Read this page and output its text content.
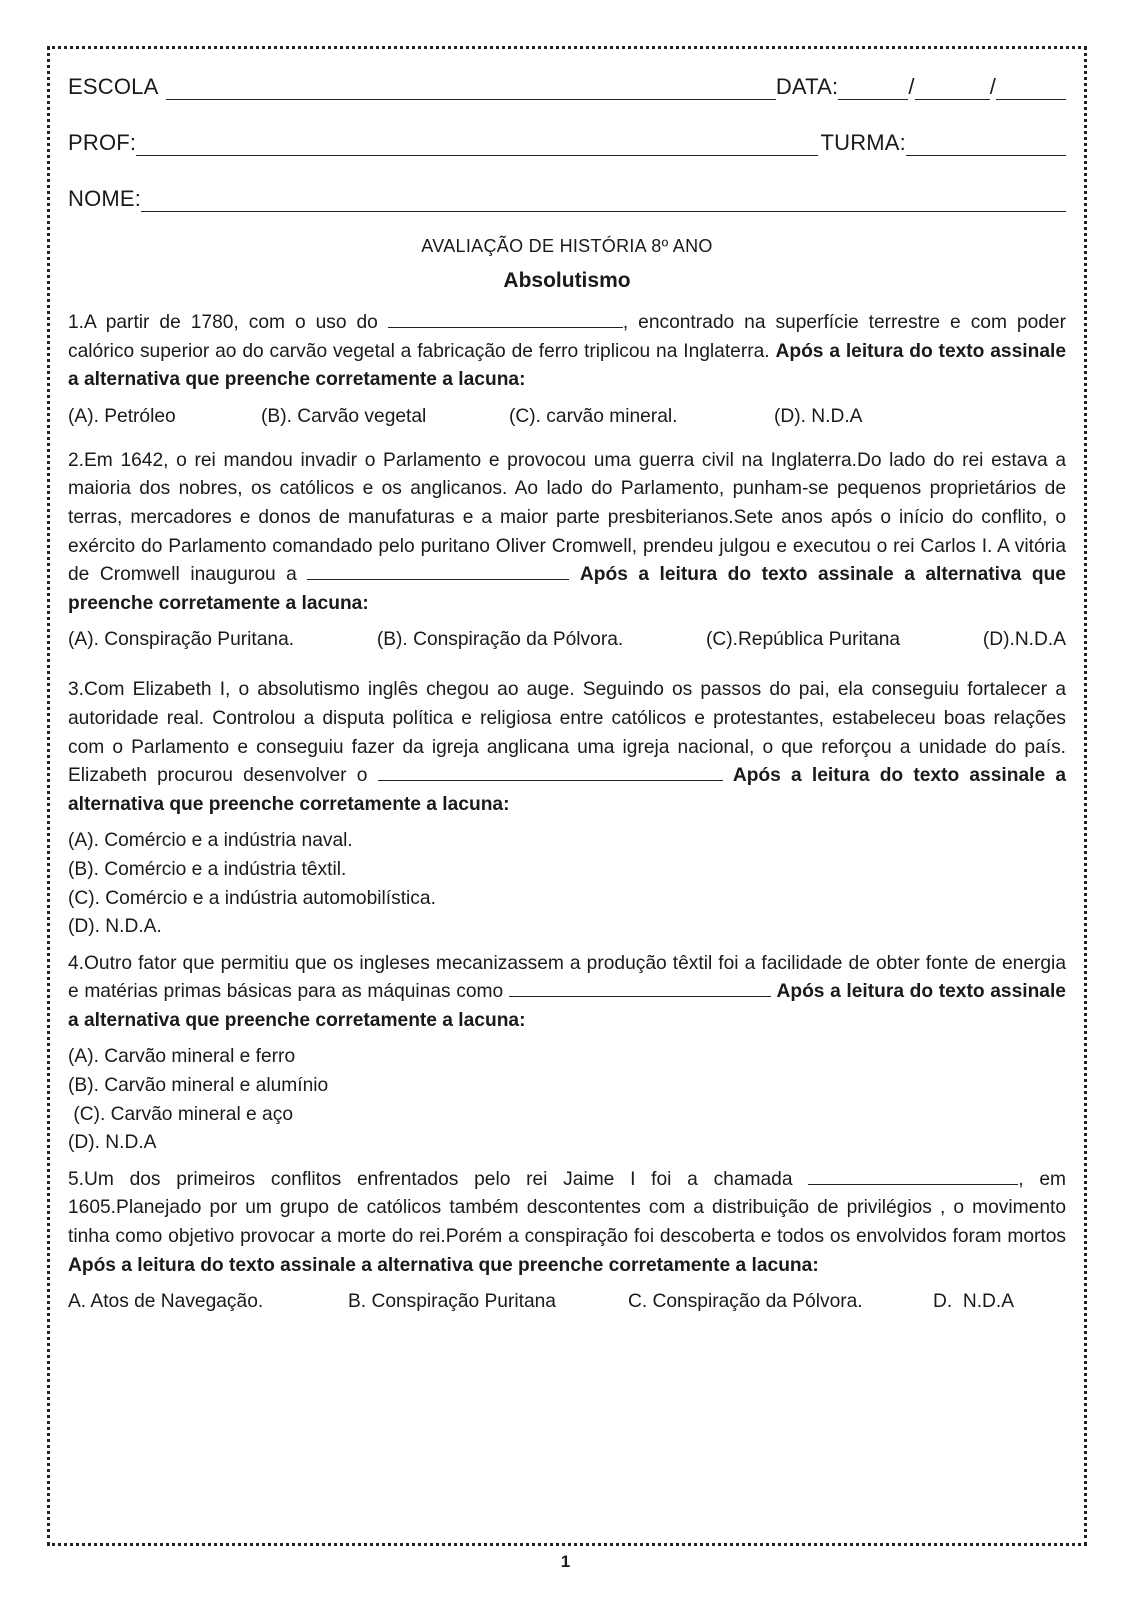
ESCOLA	DATA:	/	/
PROF:	TURMA:
NOME:
AVALIAÇÃO DE HISTÓRIA 8º ANO
Absolutismo

1.A partir de 1780, com o uso do	, encontrado na superfície terrestre e com poder calórico superior ao do carvão vegetal a fabricação de ferro triplicou na Inglaterra. Após a leitura do texto assinale a alternativa que preenche corretamente a lacuna:

(A). Petróleo	(B). Carvão vegetal	(C). carvão mineral.	(D). N.D.A

2.Em 1642, o rei mandou invadir o Parlamento e provocou uma guerra civil na Inglaterra.Do lado do rei estava a maioria dos nobres, os católicos e os anglicanos. Ao lado do Parlamento, punham-se pequenos proprietários de terras, mercadores e donos de manufaturas e a maior parte presbiterianos.Sete anos após o início do conflito, o exército do Parlamento comandado pelo puritano Oliver Cromwell, prendeu julgou e executou o rei Carlos I. A vitória de Cromwell inaugurou a	Após a leitura do texto assinale a alternativa que preenche corretamente a lacuna:

(A). Conspiração Puritana.	(B). Conspiração da Pólvora.	(C).República Puritana	(D).N.D.A

3.Com Elizabeth I, o absolutismo inglês chegou ao auge. Seguindo os passos do pai, ela conseguiu fortalecer a autoridade real. Controlou a disputa política e religiosa entre católicos e protestantes, estabeleceu boas relações com o Parlamento e conseguiu fazer da igreja anglicana uma igreja nacional, o que reforçou a unidade do país. Elizabeth procurou desenvolver o	Após a leitura do texto assinale a alternativa que preenche corretamente a lacuna:

(A). Comércio e a indústria naval.
(B). Comércio e a indústria têxtil.
(C). Comércio e a indústria automobilística.
(D). N.D.A.

4.Outro fator que permitiu que os ingleses mecanizassem a produção têxtil foi a facilidade de obter fonte de energia e matérias primas básicas para as máquinas como	Após a leitura do texto assinale a alternativa que preenche corretamente a lacuna:

(A). Carvão mineral e ferro
(B). Carvão mineral e alumínio
(C). Carvão mineral e aço
(D). N.D.A

5.Um dos primeiros conflitos enfrentados pelo rei Jaime I foi a chamada	, em 1605.Planejado por um grupo de católicos também descontentes com a distribuição de privilégios , o movimento tinha como objetivo provocar a morte do rei.Porém a conspiração foi descoberta e todos os envolvidos foram mortos Após a leitura do texto assinale a alternativa que preenche corretamente a lacuna:

A. Atos de Navegação.	B. Conspiração Puritana	C. Conspiração da Pólvora.	D.  N.D.A
1
